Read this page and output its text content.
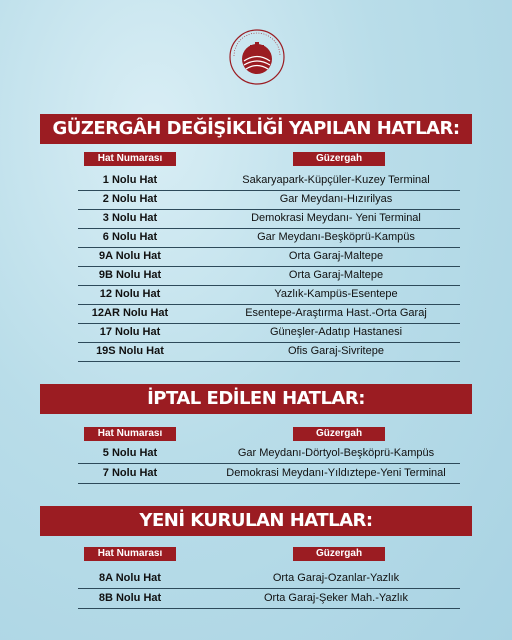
GÜZERGÂH DEĞİŞİKLİĞİ YAPILAN HATLAR:
Hat Numarası	Güzergah
1 Nolu Hat	Sakaryapark-Küpçüler-Kuzey Terminal
2 Nolu Hat	Gar Meydanı-Hızırilyas
3 Nolu Hat	Demokrasi Meydanı- Yeni Terminal
6 Nolu Hat	Gar Meydanı-Beşköprü-Kampüs
9A Nolu Hat	Orta Garaj-Maltepe
9B Nolu Hat	Orta Garaj-Maltepe
12 Nolu Hat	Yazlık-Kampüs-Esentepe
12AR Nolu Hat	Esentepe-Araştırma Hast.-Orta Garaj
17 Nolu Hat	Güneşler-Adatıp Hastanesi
19S Nolu Hat	Ofis Garaj-Sivritepe
İPTAL EDİLEN HATLAR:
Hat Numarası	Güzergah
5 Nolu Hat	Gar Meydanı-Dörtyol-Beşköprü-Kampüs
7 Nolu Hat	Demokrasi Meydanı-Yıldıztepe-Yeni Terminal
YENİ KURULAN HATLAR:
Hat Numarası	Güzergah
8A Nolu Hat	Orta Garaj-Ozanlar-Yazlık
8B Nolu Hat	Orta Garaj-Şeker Mah.-Yazlık
